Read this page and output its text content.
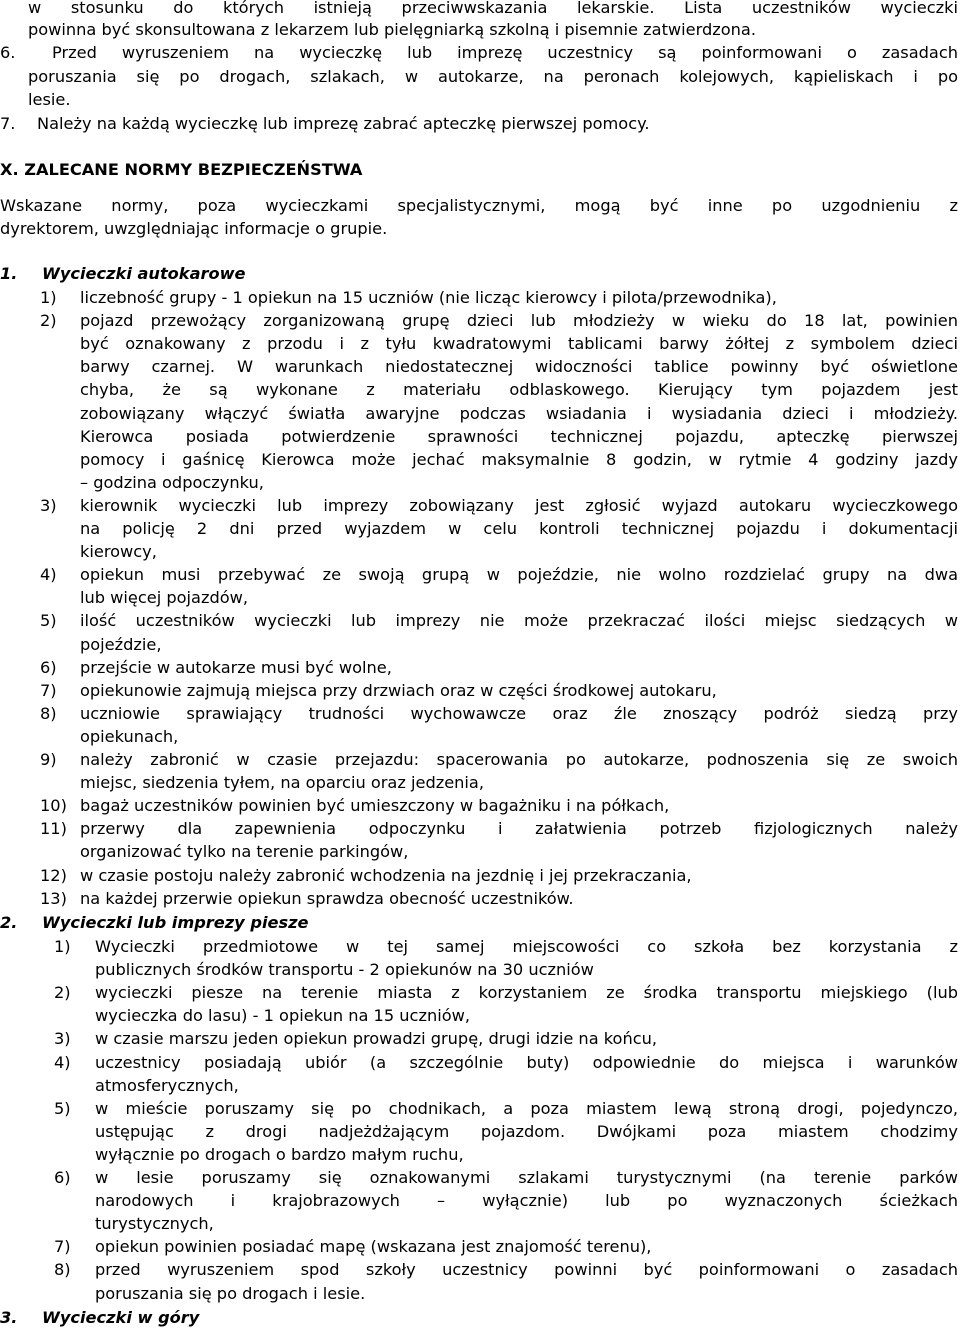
w stosunku do których istnieją przeciwwskazania lekarskie. Lista uczestników wycieczki
powinna być skonsultowana z lekarzem lub pielęgniarką szkolną i pisemnie zatwierdzona.
6. Przed wyruszeniem na wycieczkę lub imprezę uczestnicy są poinformowani o zasadach
poruszania się po drogach, szlakach, w autokarze, na peronach kolejowych, kąpieliskach i po
lesie.
7. Należy na każdą wycieczkę lub imprezę zabrać apteczkę pierwszej pomocy.
X. ZALECANE NORMY BEZPIECZEŃSTWA
Wskazane normy, poza wycieczkami specjalistycznymi, mogą być inne po uzgodnieniu z
dyrektorem, uwzględniając informacje o grupie.
1. Wycieczki autokarowe
1) liczebność grupy - 1 opiekun na 15 uczniów (nie licząc kierowcy i pilota/przewodnika),
2) pojazd przewożący zorganizowaną grupę dzieci lub młodzieży w wieku do 18 lat, powinien
być oznakowany z przodu i z tyłu kwadratowymi tablicami barwy żółtej z symbolem dzieci
barwy czarnej. W warunkach niedostatecznej widoczności tablice powinny być oświetlone
chyba, że są wykonane z materiału odblaskowego. Kierujący tym pojazdem jest
zobowiązany włączyć światła awaryjne podczas wsiadania i wysiadania dzieci i młodzieży.
Kierowca posiada potwierdzenie sprawności technicznej pojazdu, apteczkę pierwszej
pomocy i gaśnicę Kierowca może jechać maksymalnie 8 godzin, w rytmie 4 godziny jazdy
– godzina odpoczynku,
3) kierownik wycieczki lub imprezy zobowiązany jest zgłosić wyjazd autokaru wycieczkowego
na policję 2 dni przed wyjazdem w celu kontroli technicznej pojazdu i dokumentacji
kierowcy,
4) opiekun musi przebywać ze swoją grupą w pojeździe, nie wolno rozdzielać grupy na dwa
lub więcej pojazdów,
5) ilość uczestników wycieczki lub imprezy nie może przekraczać ilości miejsc siedzących w
pojeździe,
6) przejście w autokarze musi być wolne,
7) opiekunowie zajmują miejsca przy drzwiach oraz w części środkowej autokaru,
8) uczniowie sprawiający trudności wychowawcze oraz źle znoszący podróż siedzą przy
opiekunach,
9) należy zabronić w czasie przejazdu: spacerowania po autokarze, podnoszenia się ze swoich
miejsc, siedzenia tyłem, na oparciu oraz jedzenia,
10) bagaż uczestników powinien być umieszczony w bagażniku i na półkach,
11) przerwy dla zapewnienia odpoczynku i załatwienia potrzeb fizjologicznych należy
organizować tylko na terenie parkingów,
12) w czasie postoju należy zabronić wchodzenia na jezdnię i jej przekraczania,
13) na każdej przerwie opiekun sprawdza obecność uczestników.
2. Wycieczki lub imprezy piesze
1) Wycieczki przedmiotowe w tej samej miejscowości co szkoła bez korzystania z
publicznych środków transportu - 2 opiekunów na 30 uczniów
2) wycieczki piesze na terenie miasta z korzystaniem ze środka transportu miejskiego (lub
wycieczka do lasu) - 1 opiekun na 15 uczniów,
3) w czasie marszu jeden opiekun prowadzi grupę, drugi idzie na końcu,
4) uczestnicy posiadają ubiór (a szczególnie buty) odpowiednie do miejsca i warunków
atmosferycznych,
5) w mieście poruszamy się po chodnikach, a poza miastem lewą stroną drogi, pojedynczo,
ustępując z drogi nadjeżdżającym pojazdom. Dwójkami poza miastem chodzimy
wyłącznie po drogach o bardzo małym ruchu,
6) w lesie poruszamy się oznakowanymi szlakami turystycznymi (na terenie parków
narodowych i krajobrazowych – wyłącznie) lub po wyznaczonych ścieżkach
turystycznych,
7) opiekun powinien posiadać mapę (wskazana jest znajomość terenu),
8) przed wyruszeniem spod szkoły uczestnicy powinni być poinformowani o zasadach
poruszania się po drogach i lesie.
3. Wycieczki w góry
